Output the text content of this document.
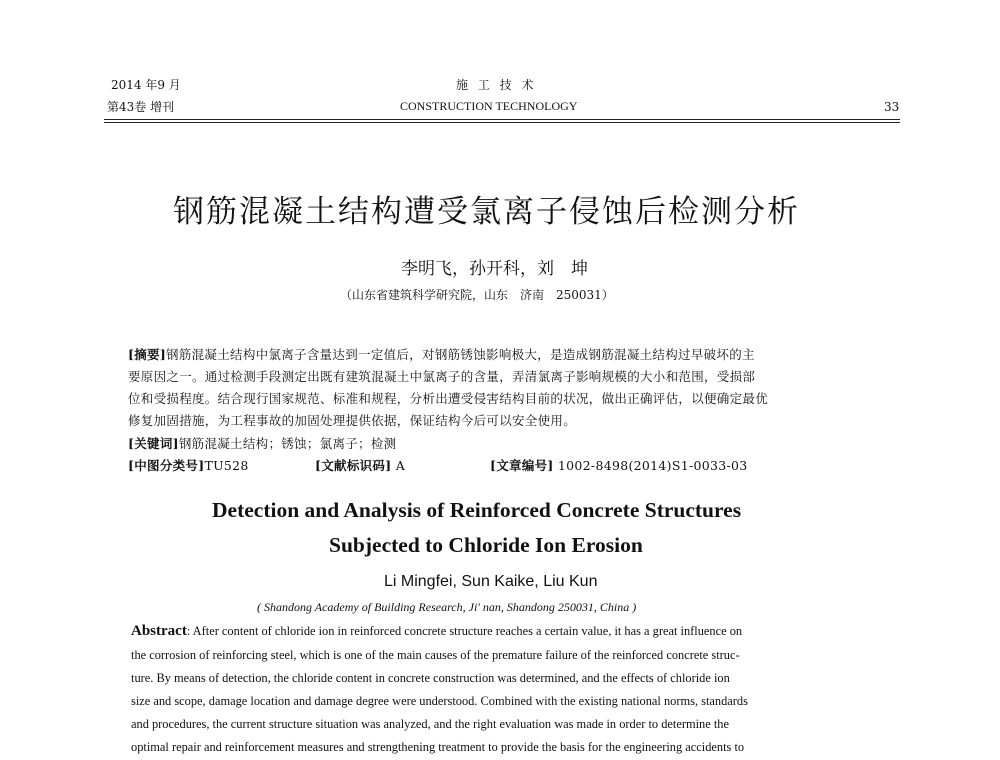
2014 年9 月
第43卷 增刊
施 工 技 术
CONSTRUCTION TECHNOLOGY	33
钢筋混凝土结构遭受氯离子侵蚀后检测分析
李明飞，孙开科，刘　坤
（山东省建筑科学研究院，山东　济南　250031）
[摘要]钢筋混凝土结构中氯离子含量达到一定值后，对钢筋锈蚀影响极大，是造成钢筋混凝土结构过早破坏的主
要原因之一。通过检测手段测定出既有建筑混凝土中氯离子的含量，弄清氯离子影响规模的大小和范围，受损部
位和受损程度。结合现行国家规范、标准和规程，分析出遭受侵害结构目前的状况，做出正确评估，以便确定最优
修复加固措施，为工程事故的加固处理提供依据，保证结构今后可以安全使用。
[关键词]钢筋混凝土结构；锈蚀；氯离子；检测
[中图分类号]TU528	[文献标识码] A	[文章编号] 1002-8498(2014)S1-0033-03
Detection and Analysis of Reinforced Concrete Structures
Subjected to Chloride Ion Erosion
Li Mingfei, Sun Kaike, Liu Kun
( Shandong Academy of Building Research, Ji' nan, Shandong 250031, China )
Abstract: After content of chloride ion in reinforced concrete structure reaches a certain value, it has a great influence on
the corrosion of reinforcing steel, which is one of the main causes of the premature failure of the reinforced concrete struc-
ture. By means of detection, the chloride content in concrete construction was determined, and the effects of chloride ion
size and scope, damage location and damage degree were understood. Combined with the existing national norms, standards
and procedures, the current structure situation was analyzed, and the right evaluation was made in order to determine the
optimal repair and reinforcement measures and strengthening treatment to provide the basis for the engineering accidents to
